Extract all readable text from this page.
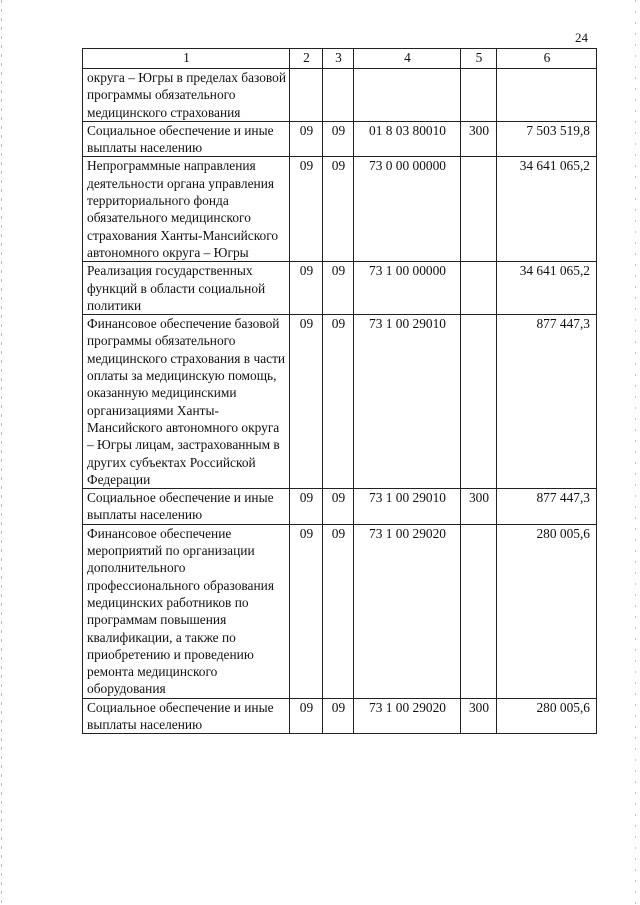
24
1	2	3	4	5	6
округа – Югры в пределах базовой программы обязательного медицинского страхования					
Социальное обеспечение и иные выплаты населению	09	09	01 8 03 80010	300	7 503 519,8
Непрограммные направления деятельности органа управления территориального фонда обязательного медицинского страхования Ханты-Мансийского автономного округа – Югры	09	09	73 0 00 00000		34 641 065,2
Реализация государственных функций в области социальной политики	09	09	73 1 00 00000		34 641 065,2
Финансовое обеспечение базовой программы обязательного медицинского страхования в части оплаты за медицинскую помощь, оказанную медицинскими организациями Ханты-Мансийского автономного округа – Югры лицам, застрахованным в других субъектах Российской Федерации	09	09	73 1 00 29010		877 447,3
Социальное обеспечение и иные выплаты населению	09	09	73 1 00 29010	300	877 447,3
Финансовое обеспечение мероприятий по организации дополнительного профессионального образования медицинских работников по программам повышения квалификации, а также по приобретению и проведению ремонта медицинского оборудования	09	09	73 1 00 29020		280 005,6
Социальное обеспечение и иные выплаты населению	09	09	73 1 00 29020	300	280 005,6
